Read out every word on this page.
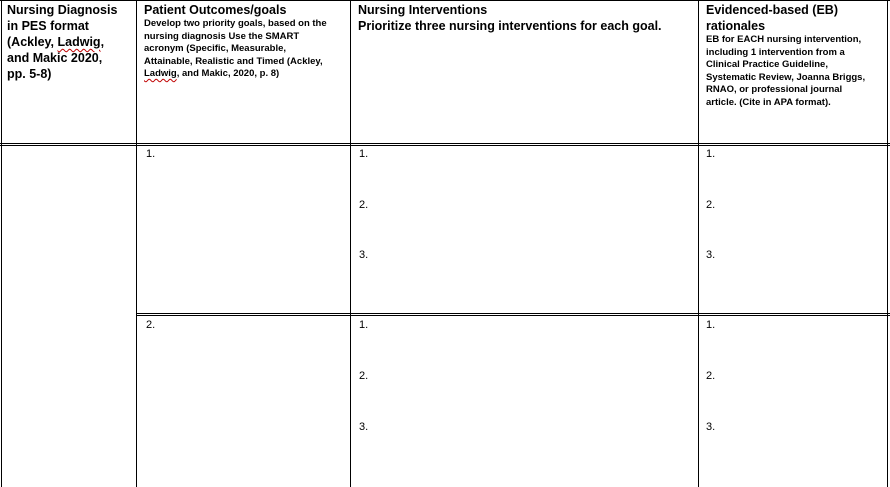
Nursing Diagnosis
in PES format
(Ackley, Ladwig,
and Makic 2020,
pp. 5-8)
Patient Outcomes/goals
Develop two priority goals, based on the
nursing diagnosis Use the SMART
acronym (Specific, Measurable,
Attainable, Realistic and Timed (Ackley,
Ladwig, and Makic, 2020, p. 8)
Nursing Interventions
Prioritize three nursing interventions for each goal.
Evidenced-based (EB)
rationales
EB for EACH nursing intervention,
including 1 intervention from a
Clinical Practice Guideline,
Systematic Review, Joanna Briggs,
RNAO, or professional journal
article. (Cite in APA format).
1.	1.
2.
3.
1.
2.
3.
2.	1.
2.
3.
1.
2.
3.
